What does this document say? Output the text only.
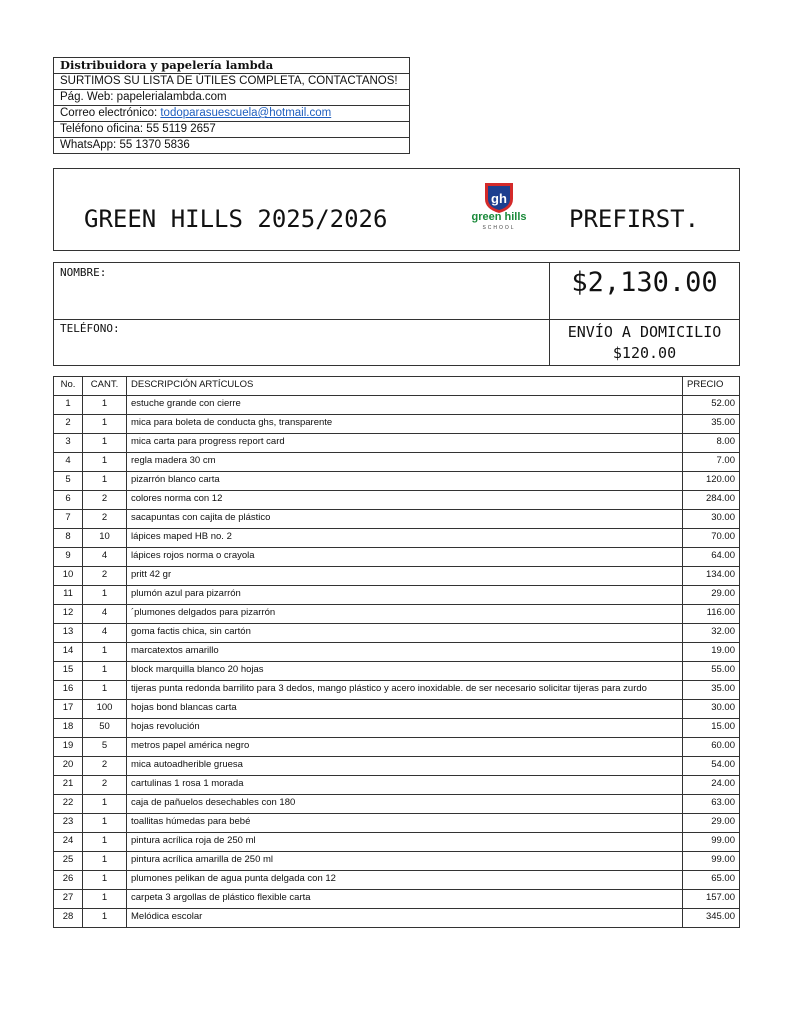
Distribuidora y papelería lambda
SURTIMOS SU LISTA DE ÚTILES COMPLETA, CONTACTANOS!
Pág. Web: papelerialambda.com
Correo electrónico: todoparasuescuela@hotmail.com
Teléfono oficina: 55 5119 2657
WhatsApp: 55 1370 5836
GREEN HILLS 2025/2026
gh
green hills
SCHOOL	PREFIRST.
NOMBRE:
TELÉFONO:
$2,130.00
ENVÍO A DOMICILIO
$120.00
No.	CANT.	DESCRIPCIÓN ARTÍCULOS	PRECIO
1	1	estuche grande con cierre	52.00
2	1	mica para boleta de conducta ghs, transparente	35.00
3	1	mica carta para progress report card	8.00
4	1	regla madera 30 cm	7.00
5	1	pizarrón blanco carta	120.00
6	2	colores norma con 12	284.00
7	2	sacapuntas con cajita de plástico	30.00
8	10	lápices maped HB no. 2	70.00
9	4	lápices rojos norma o crayola	64.00
10	2	pritt 42 gr	134.00
11	1	plumón azul para pizarrón	29.00
12	4	´plumones delgados para pizarrón	116.00
13	4	goma factis chica, sin cartón	32.00
14	1	marcatextos amarillo	19.00
15	1	block marquilla blanco 20 hojas	55.00
16	1	tijeras punta redonda barrilito para 3 dedos, mango plástico y acero inoxidable. de ser necesario solicitar tijeras para zurdo	35.00
17	100	hojas bond blancas carta	30.00
18	50	hojas revolución	15.00
19	5	metros papel américa negro	60.00
20	2	mica autoadherible gruesa	54.00
21	2	cartulinas 1 rosa 1 morada	24.00
22	1	caja de pañuelos desechables con 180	63.00
23	1	toallitas húmedas para bebé	29.00
24	1	pintura acrílica roja de 250 ml	99.00
25	1	pintura acrílica amarilla de 250 ml	99.00
26	1	plumones pelikan de agua punta delgada con 12	65.00
27	1	carpeta 3 argollas de plástico flexible carta	157.00
28	1	Melódica escolar	345.00
